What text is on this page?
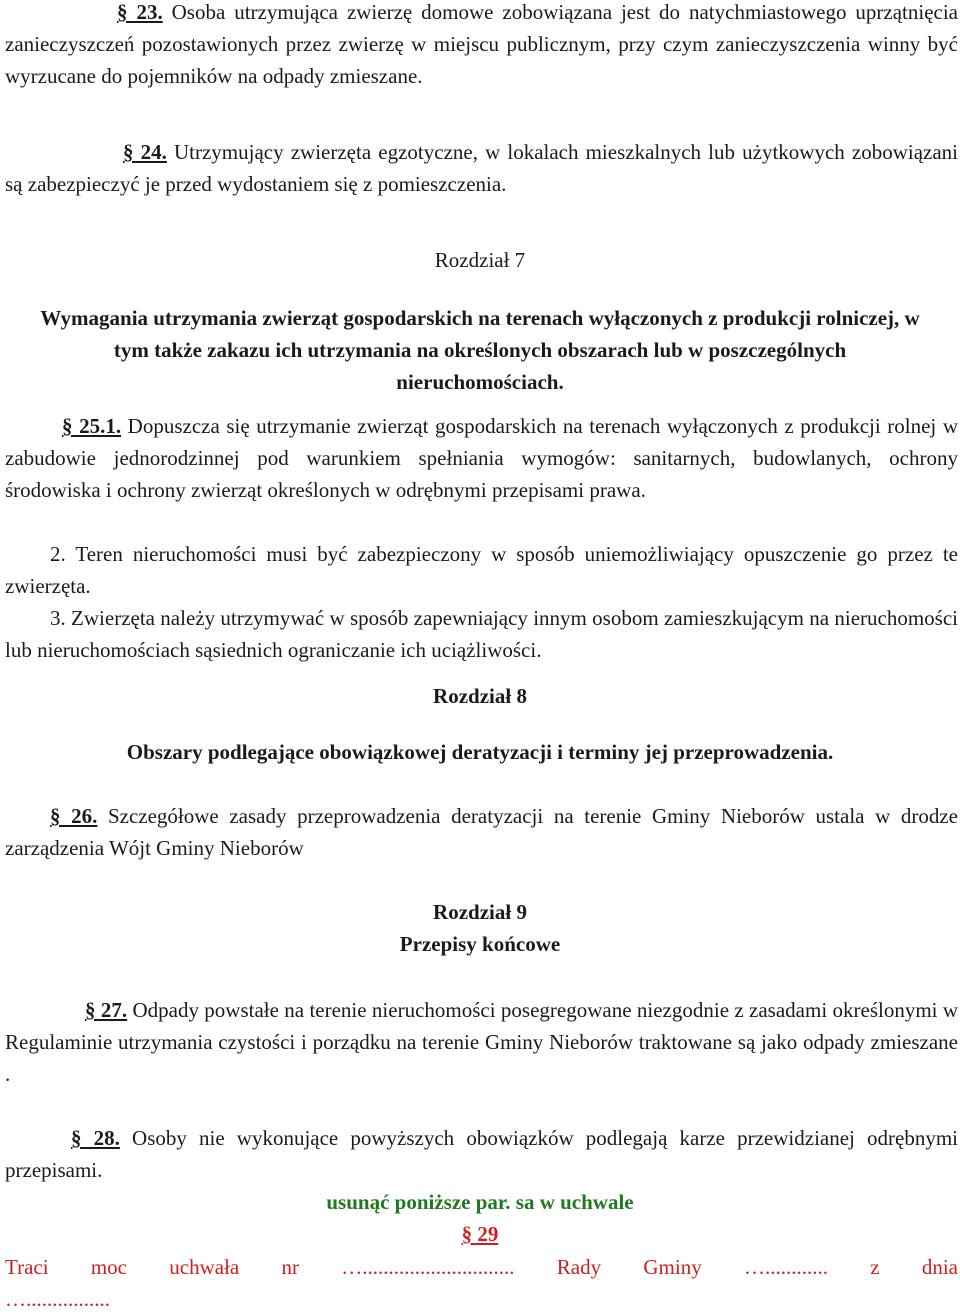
§ 23. Osoba utrzymująca zwierzę domowe zobowiązana jest do natychmiastowego uprzątnięcia zanieczyszczeń pozostawionych przez zwierzę w miejscu publicznym, przy czym zanieczyszczenia winny być wyrzucane do pojemników na odpady zmieszane.

§ 24. Utrzymujący zwierzęta egzotyczne, w lokalach mieszkalnych lub użytkowych zobowiązani są zabezpieczyć je przed wydostaniem się z pomieszczenia.

Rozdział 7
Wymagania utrzymania zwierząt gospodarskich na terenach wyłączonych z produkcji rolniczej, w tym także zakazu ich utrzymania na określonych obszarach lub w poszczególnych nieruchomościach.

§ 25.1. Dopuszcza się utrzymanie zwierząt gospodarskich na terenach wyłączonych z produkcji rolnej w zabudowie jednorodzinnej pod warunkiem spełniania wymogów: sanitarnych, budowlanych, ochrony środowiska i ochrony zwierząt określonych w odrębnymi przepisami prawa.

2. Teren nieruchomości musi być zabezpieczony w sposób uniemożliwiający opuszczenie go przez te zwierzęta.

3. Zwierzęta należy utrzymywać w sposób zapewniający innym osobom zamieszkującym na nieruchomości lub nieruchomościach sąsiednich ograniczanie ich uciążliwości.

Rozdział 8
Obszary podlegające obowiązkowej deratyzacji i terminy jej przeprowadzenia.

§ 26. Szczegółowe zasady przeprowadzenia deratyzacji na terenie Gminy Nieborów ustala w drodze zarządzenia Wójt Gminy Nieborów

Rozdział 9
Przepisy końcowe

§ 27. Odpady powstałe na terenie nieruchomości posegregowane niezgodnie z zasadami określonymi w Regulaminie utrzymania czystości i porządku na terenie Gminy Nieborów traktowane są jako odpady zmieszane .

§ 28. Osoby nie wykonujące powyższych obowiązków podlegają karze przewidzianej odrębnymi przepisami.

usunąć poniższe par. sa w uchwale
§ 29
Traci moc uchwała nr …............................. Rady Gminy …............ z dnia
…................
